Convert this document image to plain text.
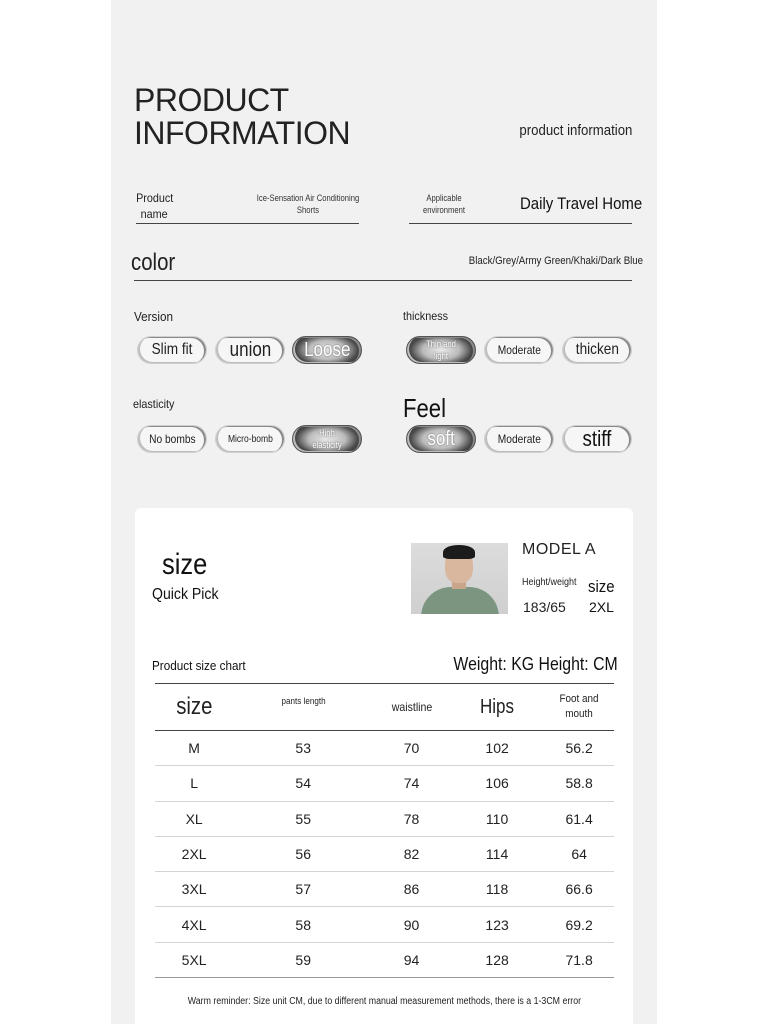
PRODUCT
INFORMATION	product information
Product
name
Ice-Sensation Air Conditioning
Shorts
Applicable
environment	Daily Travel Home
color	Black/Grey/Army Green/Khaki/Dark Blue
Version
Slim fit union Loose
thickness
Thin and light	Moderate thicken
elasticity
No bombs	Micro-bomb
High elasticity
Feel
soft	Moderate stiff
size
Quick Pick
MODEL A
Height/weight
183/65
size
2XL
Product size chart	Weight: KG Height: CM
size	pants length	waistline	Hips	Foot and mouth
M	53	70	102	56.2
L	54	74	106	58.8
XL	55	78	110	61.4
2XL	56	82	114	64
3XL	57	86	118	66.6
4XL	58	90	123	69.2
5XL	59	94	128	71.8
Warm reminder: Size unit CM, due to different manual measurement methods, there is a 1-3CM error
